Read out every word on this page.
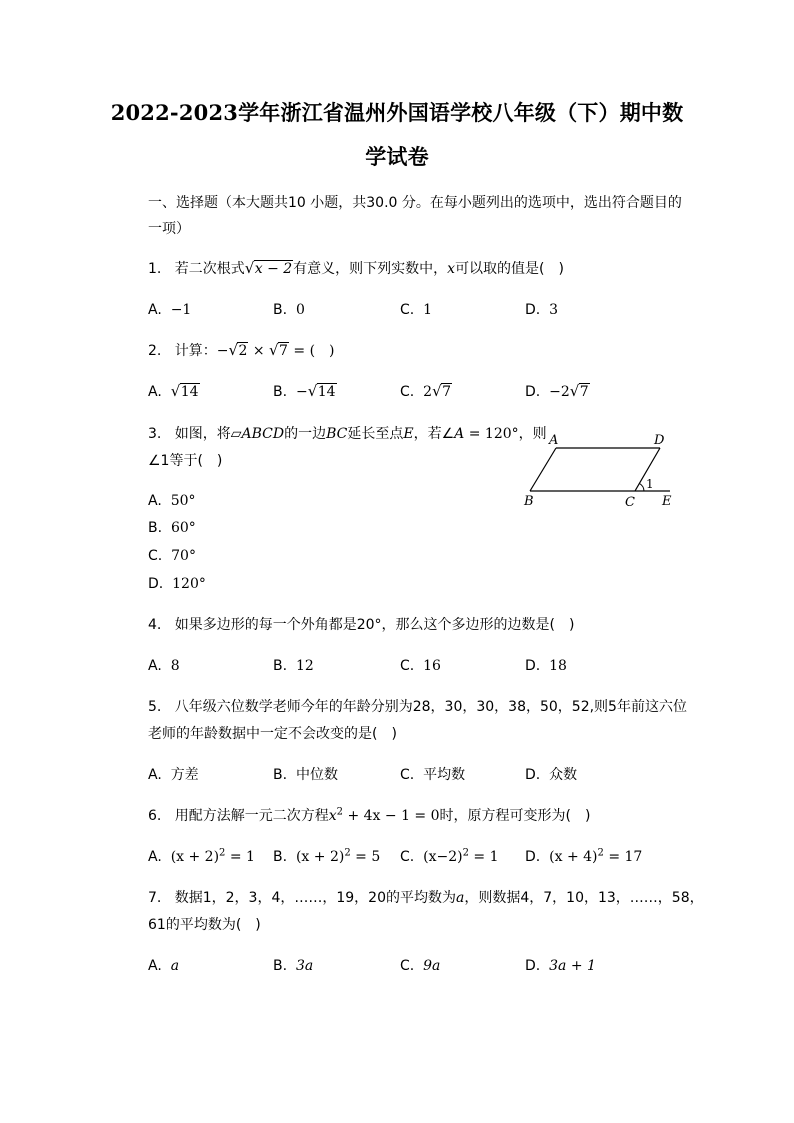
2022-2023学年浙江省温州外国语学校八年级（下）期中数
学试卷
一、选择题（本大题共10 小题，共30.0 分。在每小题列出的选项中，选出符合题目的
一项）
1. 若二次根式 √ x − 2有意义，则下列实数中，x可以取的值是(　)
A. −1	B. 0	C. 1	D. 3
2. 计算：− √ 2 × √ 7 = (　)
A. √ 14	B. − √ 14	C. 2 √ 7	D. −2 √ 7
3. 如图，将▱ABCD的一边BC延长至点E，若∠A = 120°，则
∠1等于(　)
A. 50°
B. 60°
C. 70°
D. 120°
A	D
B	C E
1
4. 如果多边形的每一个外角都是20°，那么这个多边形的边数是(　)
A. 8	B. 12	C. 16	D. 18
5. 八年级六位数学老师今年的年龄分别为28，30，30，38，50，52,则5年前这六位
老师的年龄数据中一定不会改变的是(　)
A. 方差	B. 中位数	C. 平均数	D. 众数
6. 用配方法解一元二次方程$x^2 + 4x - 1 = 0$时，原方程可变形为(　)
A. $(x + 2)^2 = 1$ B. $(x + 2)^2 = 5$ C. $(x-2)^2 = 1$ D. $(x + 4)^2 = 17$
7. 数据1，2，3，4，……，19，20的平均数为a，则数据4，7，10，13，……，58，
61的平均数为(　)
A. a	B. 3a	C. 9a	D. 3a + 1
